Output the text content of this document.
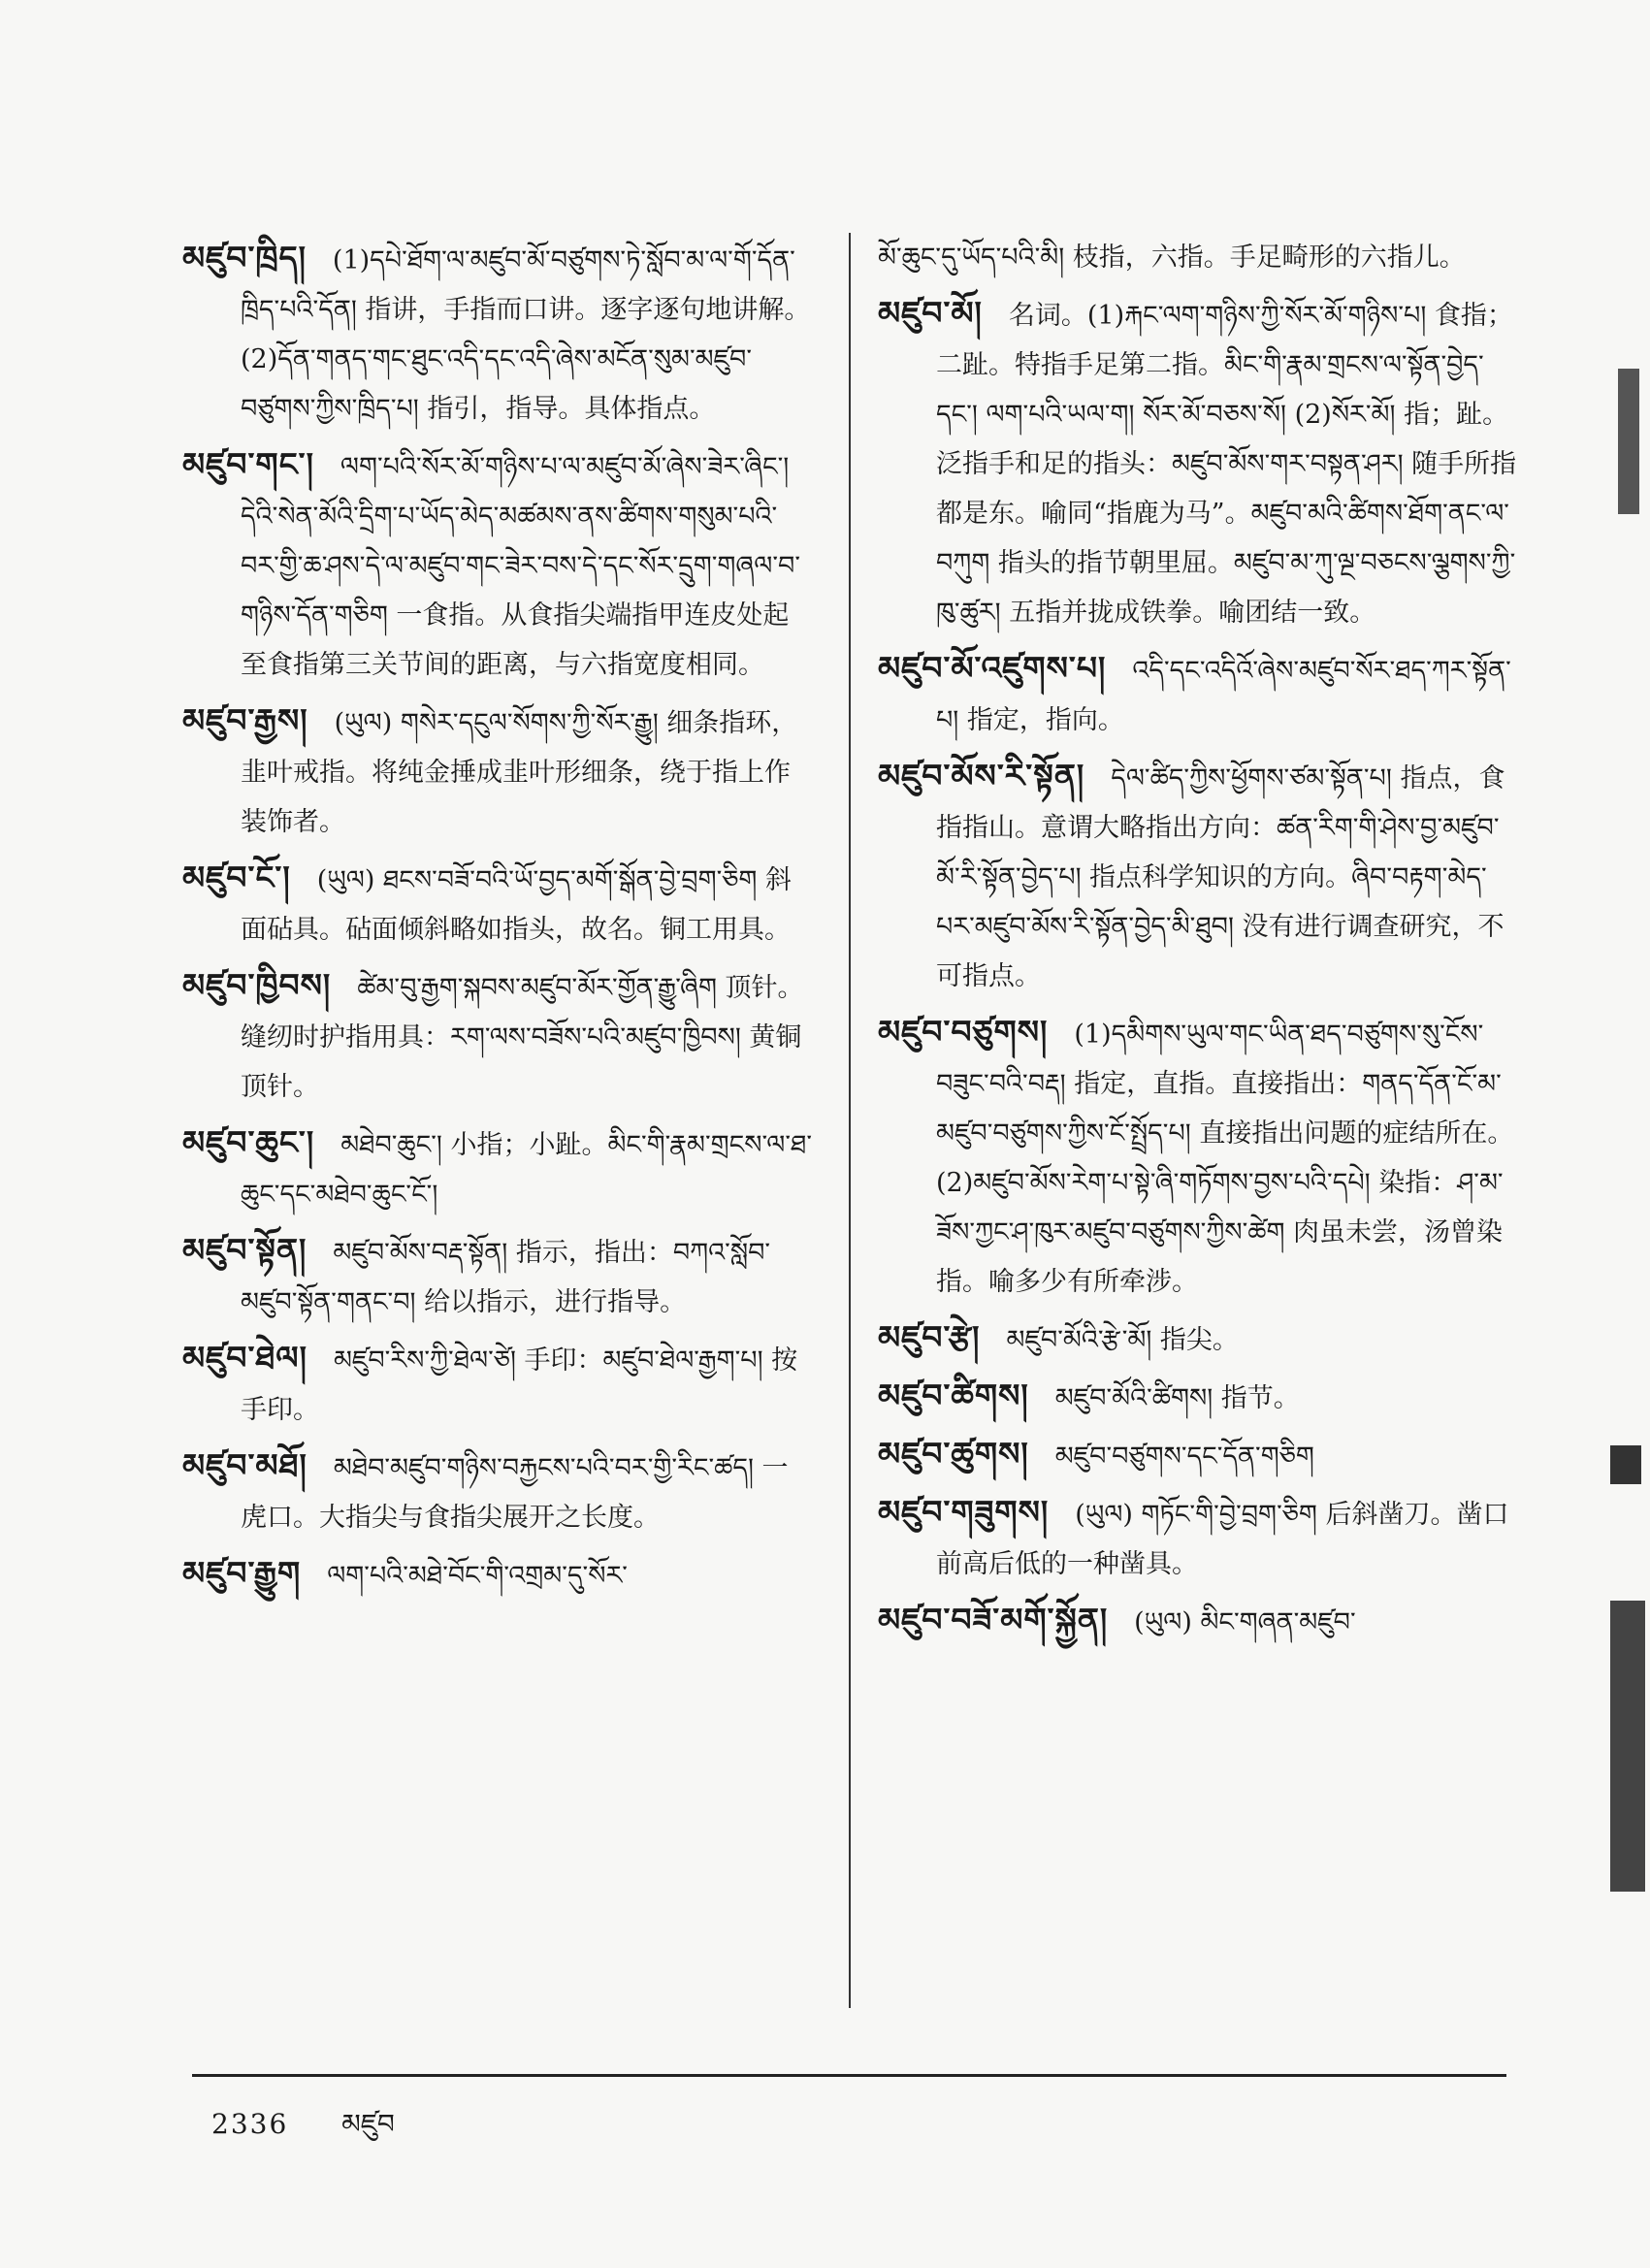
མཛུབ་ཁྲིད།  (1)དཔེ་ཐོག་ལ་མཛུབ་མོ་བཙུགས་ཏེ་སློབ་མ་ལ་གོ་དོན་ཁྲིད་པའི་དོན། 指讲，手指而口讲。逐字逐句地讲解。(2)དོན་གནད་གང་ཐུང་འདི་དང་འདི་ཞེས་མངོན་སུམ་མཛུབ་བཙུགས་ཀྱིས་ཁྲིད་པ། 指引，指导。具体指点。

མཛུབ་གང་།  ལག་པའི་སོར་མོ་གཉིས་པ་ལ་མཛུབ་མོ་ཞེས་ཟེར་ཞིང་། དེའི་སེན་མོའི་དྲིག་པ་ཡོད་མེད་མཚམས་ནས་ཚིགས་གསུམ་པའི་བར་གྱི་ཆ་ཤས་དེ་ལ་མཛུབ་གང་ཟེར་བས་དེ་དང་སོར་དྲུག་གཞལ་བ་གཉིས་དོན་གཅིག 一食指。从食指尖端指甲连皮处起至食指第三关节间的距离，与六指宽度相同。

མཛུབ་རྒྱས།  (ཡུལ) གསེར་དངུལ་སོགས་ཀྱི་སོར་རྒྱུ། 细条指环，韭叶戒指。将纯金捶成韭叶形细条，绕于指上作装饰者。

མཛུབ་ངོ་།  (ཡུལ) ཐངས་བཟོ་བའི་ཡོ་བྱད་མགོ་སྒོན་བྱེ་བྲག་ཅིག 斜面砧具。砧面倾斜略如指头，故名。铜工用具。

མཛུབ་ཁྱིབས།  ཚེམ་བུ་རྒྱག་སྐབས་མཛུབ་མོར་གྱོན་རྒྱུ་ཞིག 顶针。缝纫时护指用具：རག་ལས་བཟོས་པའི་མཛུབ་ཁྱིབས། 黄铜顶针。

མཛུབ་ཆུང་།  མཐེབ་ཆུང་། 小指；小趾。མིང་གི་རྣམ་གྲངས་ལ་ཐ་ཆུང་དང་མཐེབ་ཆུང་ངོ་།

མཛུབ་སྟོན།  མཛུབ་མོས་བརྡ་སྟོན། 指示，指出：བཀའ་སློབ་མཛུབ་སྟོན་གནང་བ། 给以指示，进行指导。

མཛུབ་ཐེལ།  མཛུབ་རིས་ཀྱི་ཐེལ་ཙེ། 手印：མཛུབ་ཐེལ་རྒྱག་པ། 按手印。

མཛུབ་མཐོ།  མཐེབ་མཛུབ་གཉིས་བརྐྱངས་པའི་བར་གྱི་རིང་ཚད། 一虎口。大指尖与食指尖展开之长度。

མཛུབ་རྒྱུག  ལག་པའི་མཐེ་བོང་གི་འགྲམ་དུ་སོར་

མོ་ཆུང་དུ་ཡོད་པའི་མི། 枝指，六指。手足畸形的六指儿。

མཛུབ་མོ།  名词。(1)རྐང་ལག་གཉིས་ཀྱི་སོར་མོ་གཉིས་པ། 食指；二趾。特指手足第二指。མིང་གི་རྣམ་གྲངས་ལ་སྟོན་བྱེད་དང་། ལག་པའི་ཡལ་ག། སོར་མོ་བཅས་སོ། (2)སོར་མོ། 指；趾。泛指手和足的指头：མཛུབ་མོས་གར་བསྟན་ཤར། 随手所指都是东。喻同“指鹿为马”。མཛུབ་མའི་ཚིགས་ཐོག་ནང་ལ་བཀུག 指头的指节朝里屈。མཛུབ་མ་ཀུ་ལྔ་བཅངས་ལྕགས་ཀྱི་ཁུ་ཚུར། 五指并拢成铁拳。喻团结一致。

མཛུབ་མོ་འཛུགས་པ།  འདི་དང་འདིའོ་ཞེས་མཛུབ་སོར་ཐད་ཀར་སྟོན་པ། 指定，指向。

མཛུབ་མོས་རི་སྟོན།  དེལ་ཚིད་ཀྱིས་ཕྱོགས་ཙམ་སྟོན་པ། 指点，食指指山。意谓大略指出方向：ཚན་རིག་གི་ཤེས་བྱ་མཛུབ་མོ་རི་སྟོན་བྱེད་པ། 指点科学知识的方向。ཞིབ་བརྟག་མེད་པར་མཛུབ་མོས་རི་སྟོན་བྱེད་མི་ཐུབ། 没有进行调查研究，不可指点。

མཛུབ་བཙུགས།  (1)དམིགས་ཡུལ་གང་ཡིན་ཐད་བཙུགས་སུ་ངོས་བཟུང་བའི་བརྡ། 指定，直指。直接指出：གནད་དོན་ངོ་མ་མཛུབ་བཙུགས་ཀྱིས་ངོ་སྤྲོད་པ། 直接指出问题的症结所在。(2)མཛུབ་མོས་རེག་པ་སྟེ་ཞི་གཏོགས་བྱས་པའི་དཔེ། 染指：ཤ་མ་ཟོས་ཀྱང་ཤ་ཁུར་མཛུབ་བཙུགས་ཀྱིས་ཚེག 肉虽未尝，汤曾染指。喻多少有所牵涉。

མཛུབ་རྩེ།  མཛུབ་མོའི་རྩེ་མོ། 指尖。

མཛུབ་ཚིགས།  མཛུབ་མོའི་ཚིགས། 指节。

མཛུབ་ཚུགས།  མཛུབ་བཙུགས་དང་དོན་གཅིག

མཛུབ་གཟུགས།  (ཡུལ) གཏོང་གི་བྱེ་བྲག་ཅིག 后斜凿刀。凿口前高后低的一种凿具。

མཛུབ་བཟོ་མགོ་སྐྱོན།  (ཡུལ) མིང་གཞན་མཛུབ་

2336 མཛུབ
